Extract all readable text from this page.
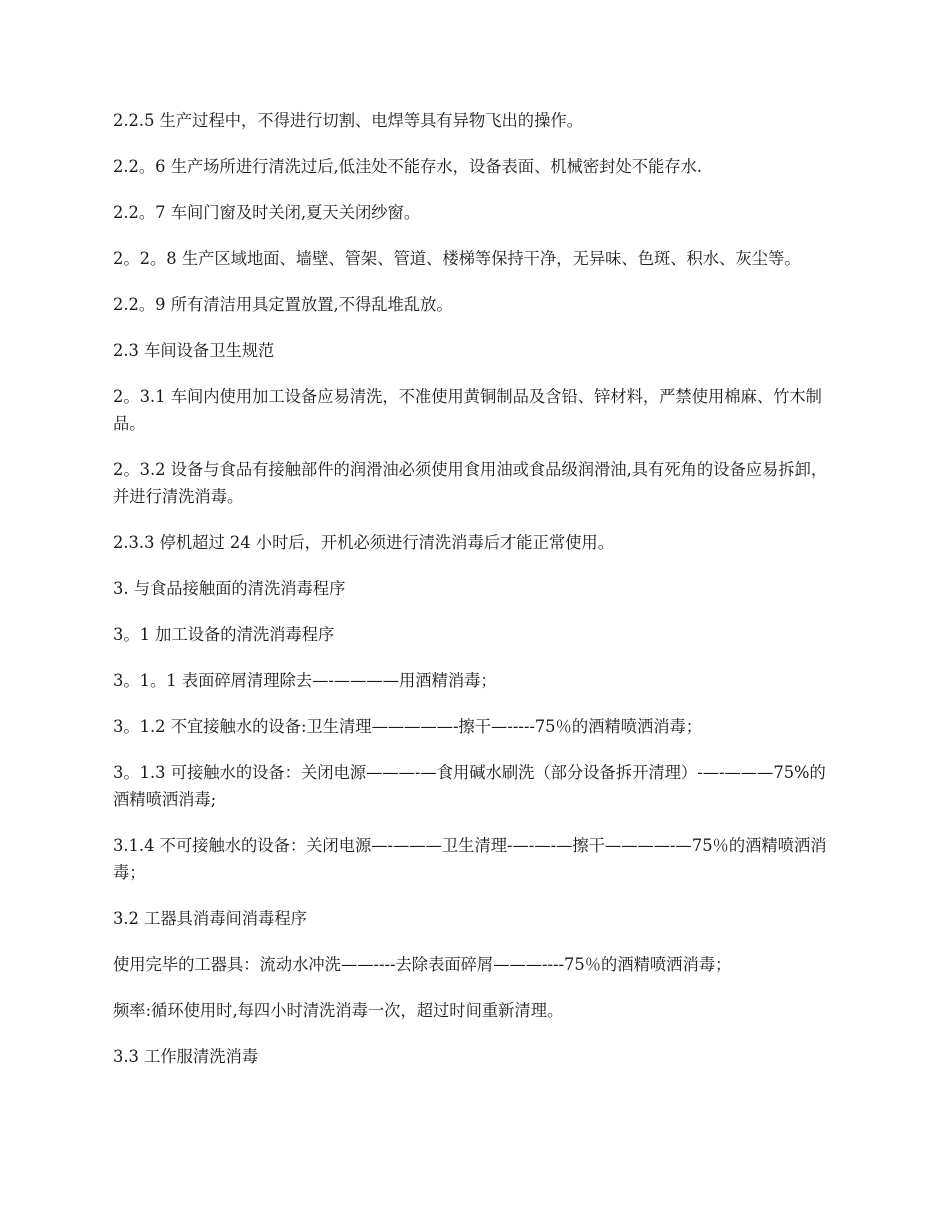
2.2.5 生产过程中，不得进行切割、电焊等具有异物飞出的操作。

2.2。6 生产场所进行清洗过后,低洼处不能存水，设备表面、机械密封处不能存水.

2.2。7 车间门窗及时关闭,夏天关闭纱窗。

2。2。8 生产区域地面、墙壁、管架、管道、楼梯等保持干净，无异味、色斑、积水、灰尘等。

2.2。9 所有清洁用具定置放置,不得乱堆乱放。

2.3 车间设备卫生规范

2。3.1 车间内使用加工设备应易清洗，不准使用黄铜制品及含铅、锌材料，严禁使用棉麻、竹木制品。

2。3.2 设备与食品有接触部件的润滑油必须使用食用油或食品级润滑油,具有死角的设备应易拆卸，并进行清洗消毒。

2.3.3 停机超过 24 小时后，开机必须进行清洗消毒后才能正常使用。

3. 与食品接触面的清洗消毒程序

3。1 加工设备的清洗消毒程序

3。1。1 表面碎屑清理除去—-————用酒精消毒；

3。1.2 不宜接触水的设备:卫生清理—————-擦干—-----75％的酒精喷洒消毒；

3。1.3 可接触水的设备：关闭电源———-—食用碱水刷洗（部分设备拆开清理）-—-———75%的酒精喷洒消毒;

3.1.4 不可接触水的设备：关闭电源—-———卫生清理-—-—-—擦干————-—75％的酒精喷洒消毒；

3.2 工器具消毒间消毒程序

使用完毕的工器具：流动水冲洗——----去除表面碎屑———----75％的酒精喷洒消毒；

频率:循环使用时,每四小时清洗消毒一次，超过时间重新清理。

3.3 工作服清洗消毒
